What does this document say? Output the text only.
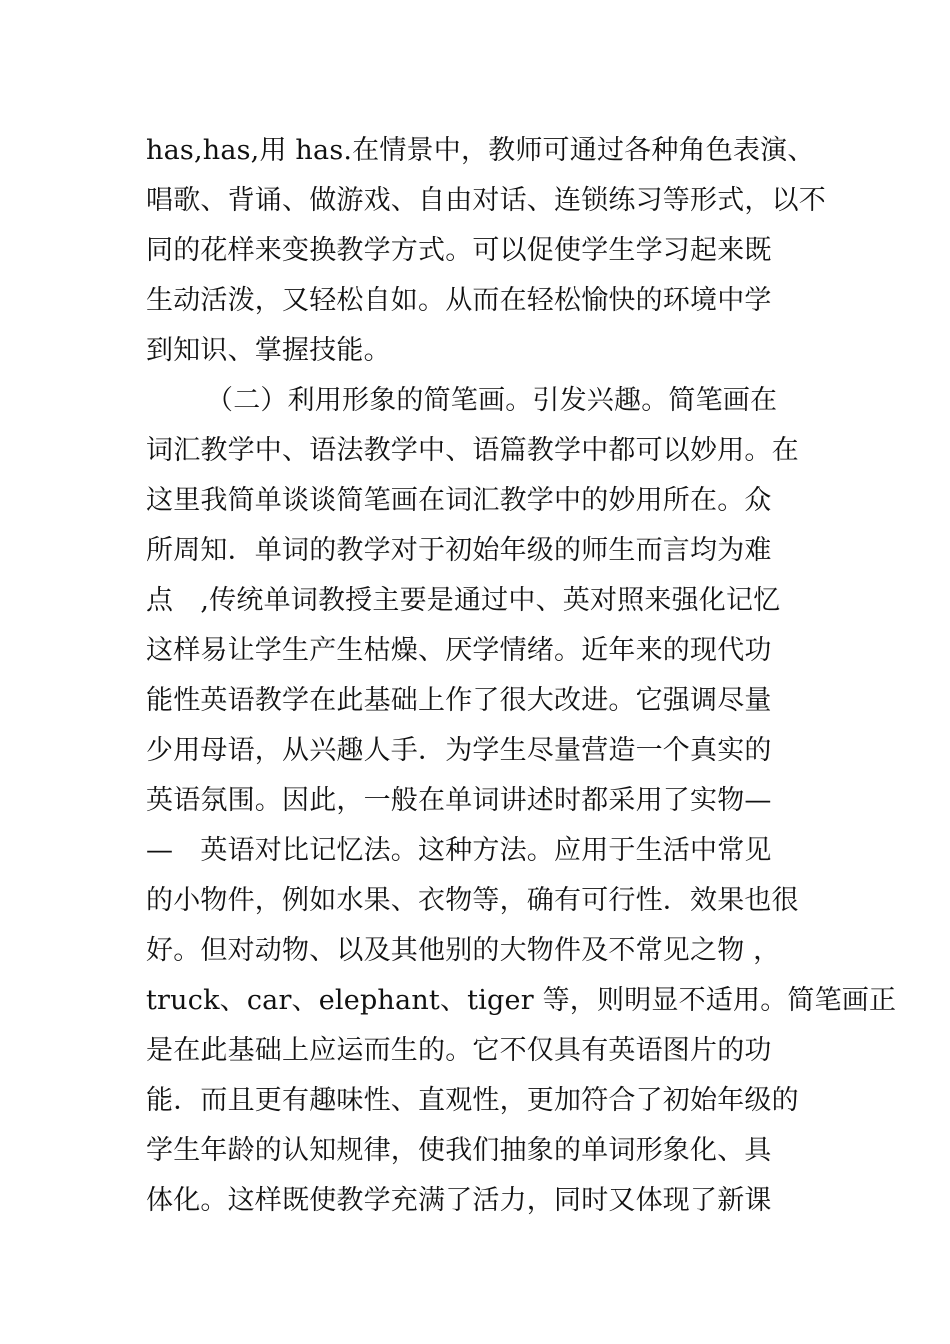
has,has,用 has.在情景中，教师可通过各种角色表演、
唱歌、背诵、做游戏、自由对话、连锁练习等形式，以不
同的花样来变换教学方式。可以促使学生学习起来既
生动活泼，又轻松自如。从而在轻松愉快的环境中学
到知识、掌握技能。
（二）利用形象的简笔画。引发兴趣。简笔画在
词汇教学中、语法教学中、语篇教学中都可以妙用。在
这里我简单谈谈简笔画在词汇教学中的妙用所在。众
所周知．单词的教学对于初始年级的师生而言均为难
点　,传统单词教授主要是通过中、英对照来强化记忆
这样易让学生产生枯燥、厌学情绪。近年来的现代功
能性英语教学在此基础上作了很大改进。它强调尽量
少用母语，从兴趣人手．为学生尽量营造一个真实的
英语氛围。因此，一般在单词讲述时都采用了实物—
—　英语对比记忆法。这种方法。应用于生活中常见
的小物件，例如水果、衣物等，确有可行性．效果也很
好。但对动物、以及其他别的大物件及不常见之物 ，
truck、car、elephant、tiger 等，则明显不适用。简笔画正
是在此基础上应运而生的。它不仅具有英语图片的功
能．而且更有趣味性、直观性，更加符合了初始年级的
学生年龄的认知规律，使我们抽象的单词形象化、具
体化。这样既使教学充满了活力，同时又体现了新课
